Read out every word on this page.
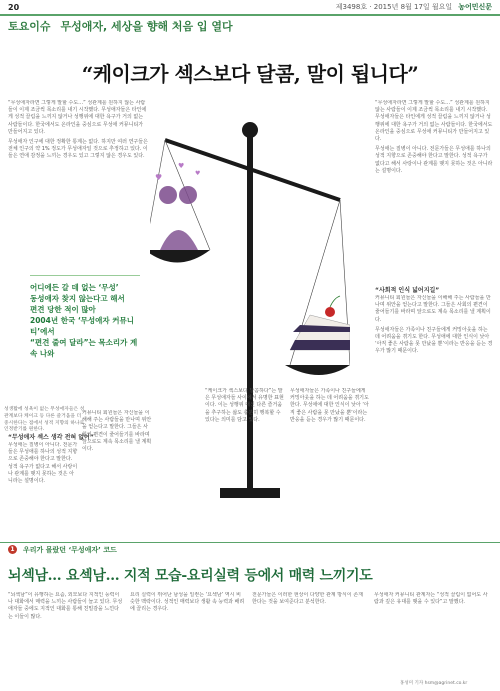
20	제3498호 · 2015년 8월 17일 월요일 농어민신문
토요이슈 무성애자, 세상을 향해 처음 입 열다
“케이크가 섹스보다 달콤, 말이 됩니다”

“무성애자라면 그렇게 말할 수도…” 성관계를 원하지 않는 사람들이 이제 조금씩 목소리를 내기 시작했다. 무성애자들은 타인에게 성적 끌림을 느끼지 않거나 성행위에 대한 욕구가 거의 없는 사람들이다. 한국에서도 온라인을 중심으로 무성애 커뮤니티가 만들어지고 있다.

무성애자 인구에 대한 정확한 통계는 없다. 하지만 여러 연구들은 전체 인구의 약 1% 정도가 무성애자일 것으로 추정하고 있다. 이들은 연애 감정을 느끼는 경우도 있고 그렇지 않은 경우도 있다.

어디에든 갈 데 없는 ‘무성’
동성애자 찾지 않는다고 해서
편견 당한 적이 많아
2004년 한국 ‘무성애자 커뮤니티’에서
“편견 줄여 달라”는 목소리가 계속 나와
성생활에 성욕이 없는 무성애자들은 성관계보다 케이크 등 다른 즐거움을 더 중시한다는 점에서 성적 지향의 하나로 인정받기를 원한다.
“무성애자 섹스 생각 전혀 없어”

무성애는 질병이 아니다. 전문가들은 무성애를 하나의 성적 지향으로 존중해야 한다고 말한다. 성적 욕구가 없다고 해서 사랑이나 관계를 맺지 못하는 것은 아니라는 설명이다.

커뮤니티 회원들은 자신들을 이해해 주는 사람들을 만나며 위안을 얻는다고 말한다. 그들은 사회의 편견이 줄어들기를 바라며 앞으로도 계속 목소리를 낼 계획이다.

♥	♥
♥

“케이크가 섹스보다 달콤하다”는 말은 무성애자들 사이에서 유명한 표현이다. 이는 성행위 대신 다른 즐거움을 추구하는 삶도 충분히 행복할 수 있다는 의미를 담고 있다.

무성애자들은 가족이나 친구들에게 커밍아웃을 하는 데 어려움을 겪기도 한다. 무성애에 대한 인식이 낮아 ‘아직 좋은 사람을 못 만났을 뿐’이라는 반응을 듣는 경우가 많기 때문이다.

“무성애자라면 그렇게 말할 수도…” 성관계를 원하지 않는 사람들이 이제 조금씩 목소리를 내기 시작했다. 무성애자들은 타인에게 성적 끌림을 느끼지 않거나 성행위에 대한 욕구가 거의 없는 사람들이다. 한국에서도 온라인을 중심으로 무성애 커뮤니티가 만들어지고 있다.

무성애는 질병이 아니다. 전문가들은 무성애를 하나의 성적 지향으로 존중해야 한다고 말한다. 성적 욕구가 없다고 해서 사랑이나 관계를 맺지 못하는 것은 아니라는 설명이다.

“사회적 인식 넓어지길”

커뮤니티 회원들은 자신들을 이해해 주는 사람들을 만나며 위안을 얻는다고 말한다. 그들은 사회의 편견이 줄어들기를 바라며 앞으로도 계속 목소리를 낼 계획이다.

무성애자들은 가족이나 친구들에게 커밍아웃을 하는 데 어려움을 겪기도 한다. 무성애에 대한 인식이 낮아 ‘아직 좋은 사람을 못 만났을 뿐’이라는 반응을 듣는 경우가 많기 때문이다.

1	우리가 몰랐던 ‘무성애자’ 코드
뇌섹남… 요섹남… 지적 모습-요리실력 등에서 매력 느끼기도

“뇌섹남”이 유행하는 요즘, 외모보다 지적인 능력이나 대화에서 매력을 느끼는 사람들이 늘고 있다. 무성애자들 중에도 지적인 대화를 통해 친밀감을 느낀다는 이들이 많다.

요리 실력이 뛰어난 남성을 일컫는 ‘요섹남’ 역시 비슷한 맥락이다. 성적인 매력보다 생활 속 능력과 배려에 끌리는 경우다.

전문가들은 이러한 현상이 다양한 관계 방식이 존재한다는 것을 보여준다고 분석한다.

무성애자 커뮤니티 관계자는 “성적 끌림이 없어도 사람과 깊은 유대를 맺을 수 있다”고 말했다.

홍성미 기자 hsm@agrinet.co.kr
